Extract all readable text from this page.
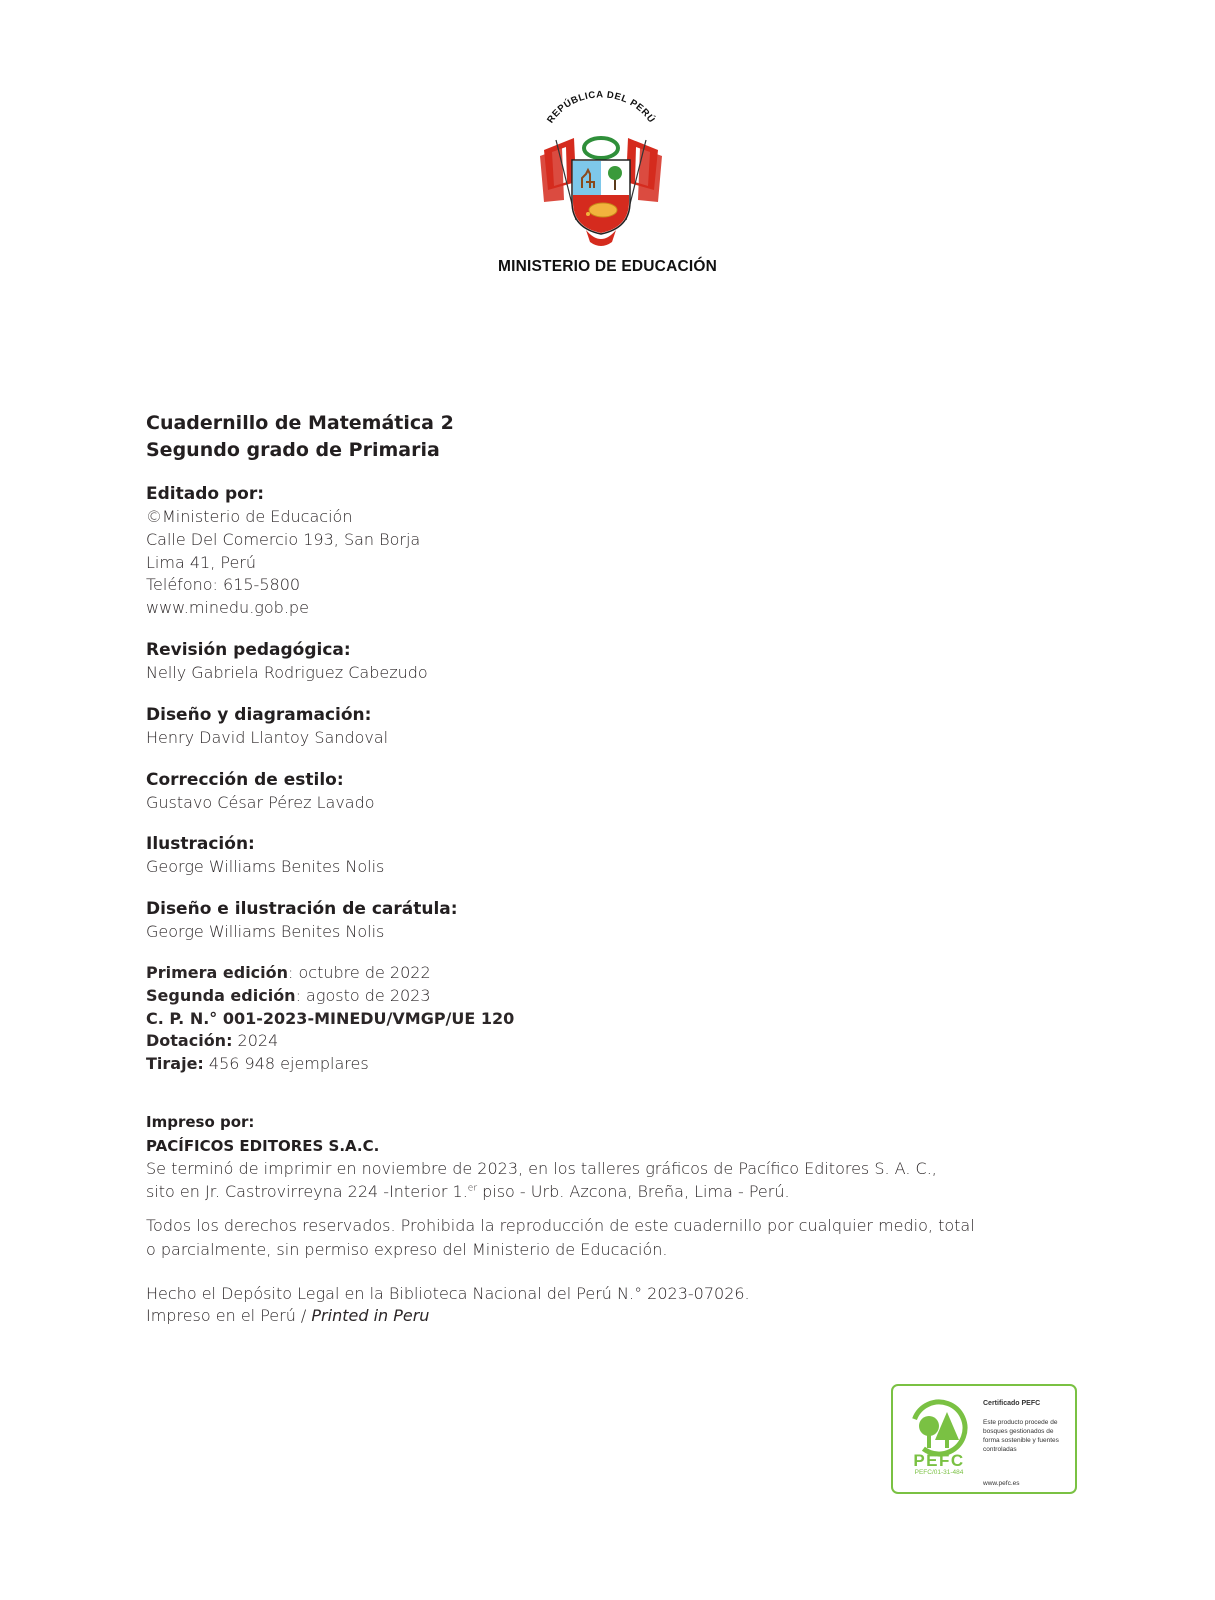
REPÚBLICA DEL PERÚ
MINISTERIO DE EDUCACIÓN
Cuadernillo de Matemática 2
Segundo grado de Primaria
Editado por:
©Ministerio de Educación
Calle Del Comercio 193, San Borja
Lima 41, Perú
Teléfono: 615-5800
www.minedu.gob.pe
Revisión pedagógica:
Nelly Gabriela Rodriguez Cabezudo
Diseño y diagramación:
Henry David Llantoy Sandoval
Corrección de estilo:
Gustavo César Pérez Lavado
Ilustración:
George Williams Benites Nolis
Diseño e ilustración de carátula:
George Williams Benites Nolis
Primera edición: octubre de 2022
Segunda edición: agosto de 2023
C. P. N.° 001-2023-MINEDU/VMGP/UE 120
Dotación: 2024
Tirajе: 456 948 ejemplares
Impreso por:
PACÍFICOS EDITORES S.A.C.
Se terminó de imprimir en noviembre de 2023, en los talleres gráficos de Pacífico Editores S. A. C.,
sito en Jr. Castrovirreyna 224 -Interior 1.$^{er}$ piso - Urb. Azcona, Breña, Lima - Perú.
Todos los derechos reservados. Prohibida la reproducción de este cuadernillo por cualquier medio, total
o parcialmente, sin permiso expreso del Ministerio de Educación.
Hecho el Depósito Legal en la Biblioteca Nacional del Perú N.° 2023-07026.
Impreso en el Perú / Printed in Peru
PEFC
PEFC/01-31-484
Certificado PEFC
Este producto procede de bosques gestionados de forma sostenible y fuentes controladas
www.pefc.es
